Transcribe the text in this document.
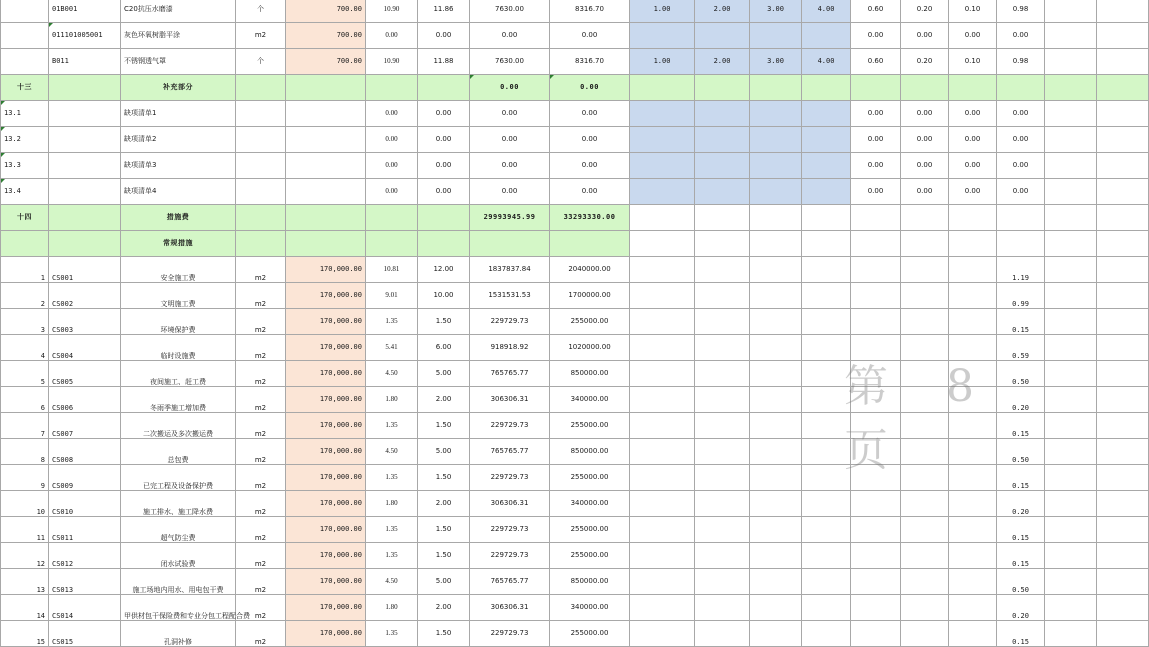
	01B001	C20抗压水磨漆	个	700.00	10.90	11.86	7630.00	8316.70	1.00	2.00	3.00	4.00	0.60	0.20	0.10	0.98		
	011101005001	灰色环氧树脂平涂	m2	700.00	0.00	0.00	0.00	0.00					0.00	0.00	0.00	0.00		
	B011	不锈钢透气罩	个	700.00	10.90	11.88	7630.00	8316.70	1.00	2.00	3.00	4.00	0.60	0.20	0.10	0.98		
十三		补充部分					0.00	0.00										
13.1		缺项清单1			0.00	0.00	0.00	0.00					0.00	0.00	0.00	0.00		
13.2		缺项清单2			0.00	0.00	0.00	0.00					0.00	0.00	0.00	0.00		
13.3		缺项清单3			0.00	0.00	0.00	0.00					0.00	0.00	0.00	0.00		
13.4		缺项清单4			0.00	0.00	0.00	0.00					0.00	0.00	0.00	0.00		
十四		措施费					29993945.99	33293330.00										
		常规措施																
1	CS001	安全施工费	m2	170,000.00	10.81	12.00	1837837.84	2040000.00								1.19		
2	CS002	文明施工费	m2	170,000.00	9.01	10.00	1531531.53	1700000.00								0.99		
3	CS003	环境保护费	m2	170,000.00	1.35	1.50	229729.73	255000.00								0.15		
4	CS004	临时设施费	m2	170,000.00	5.41	6.00	918918.92	1020000.00								0.59		
5	CS005	夜间施工、赶工费	m2	170,000.00	4.50	5.00	765765.77	850000.00								0.50		
6	CS006	冬雨季施工增加费	m2	170,000.00	1.80	2.00	306306.31	340000.00								0.20		
7	CS007	二次搬运及多次搬运费	m2	170,000.00	1.35	1.50	229729.73	255000.00								0.15		
8	CS008	总包费	m2	170,000.00	4.50	5.00	765765.77	850000.00								0.50		
9	CS009	已完工程及设备保护费	m2	170,000.00	1.35	1.50	229729.73	255000.00								0.15		
10	CS010	施工排水、施工降水费	m2	170,000.00	1.80	2.00	306306.31	340000.00								0.20		
11	CS011	超气防尘费	m2	170,000.00	1.35	1.50	229729.73	255000.00								0.15		
12	CS012	闭水试验费	m2	170,000.00	1.35	1.50	229729.73	255000.00								0.15		
13	CS013	施工场地内用水、用电包干费	m2	170,000.00	4.50	5.00	765765.77	850000.00								0.50		
14	CS014	甲供材包干保险费和专业分包工程配合费	m2	170,000.00	1.80	2.00	306306.31	340000.00								0.20		
15	CS015	孔洞补修	m2	170,000.00	1.35	1.50	229729.73	255000.00								0.15		
第 8 页
